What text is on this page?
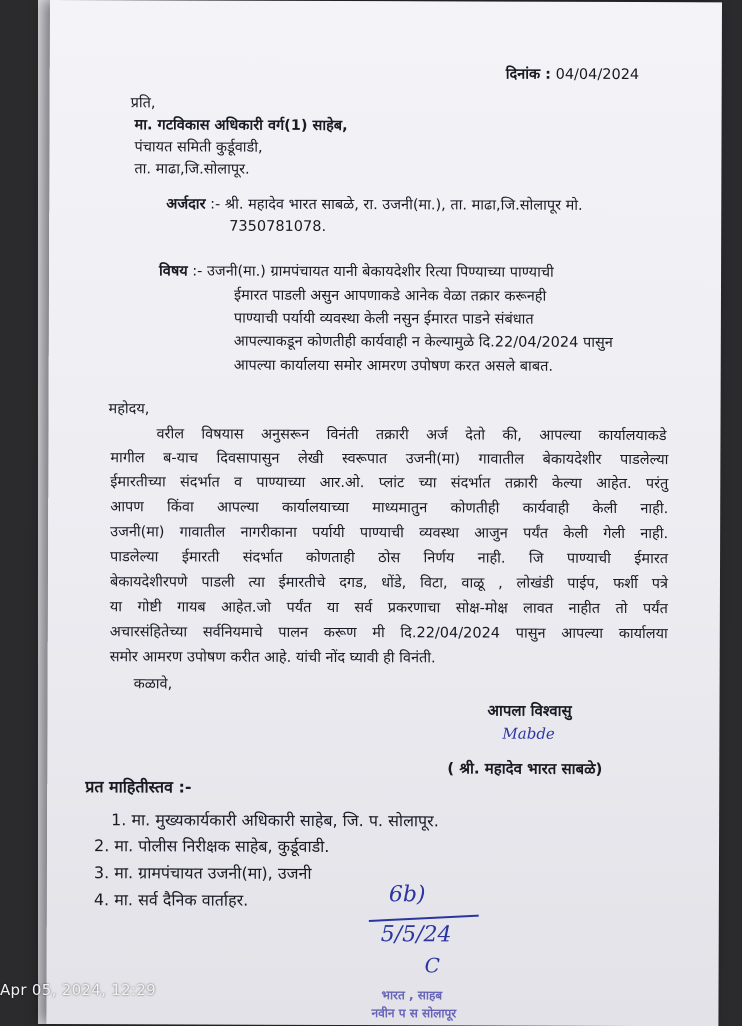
दिनांक : 04/04/2024
प्रति,
मा. गटविकास अधिकारी वर्ग(1) साहेब,
पंचायत समिती कुर्डूवाडी,
ता. माढा,जि.सोलापूर.
अर्जदार :- श्री. महादेव भारत साबळे, रा. उजनी(मा.), ता. माढा,जि.सोलापूर मो.
7350781078.
विषय :- उजनी(मा.) ग्रामपंचायत यानी बेकायदेशीर रित्या पिण्याच्या पाण्याची
ईमारत पाडली असुन आपणाकडे आनेक वेळा तक्रार करूनही
पाण्याची पर्यायी व्यवस्था केली नसुन ईमारत पाडने संबंधात
आपल्याकडून कोणतीही कार्यवाही न केल्यामुळे दि.22/04/2024 पासुन
आपल्या कार्यालया समोर आमरण उपोषण करत असले बाबत.
महोदय,
वरील विषयास अनुसरून विनंती तक्रारी अर्ज देतो की, आपल्या कार्यालयाकडे
मागील ब-याच दिवसापासुन लेखी स्वरूपात उजनी(मा) गावातील बेकायदेशीर पाडलेल्या
ईमारतीच्या संदर्भात व पाण्याच्या आर.ओ. प्लांट च्या संदर्भात तक्रारी केल्या आहेत. परंतु
आपण किंवा आपल्या कार्यालयाच्या माध्यमातुन कोणतीही कार्यवाही केली नाही.
उजनी(मा) गावातील नागरीकाना पर्यायी पाण्याची व्यवस्था आजुन पर्यंत केली गेली नाही.
पाडलेल्या ईमारती संदर्भात कोणताही ठोस निर्णय नाही. जि पाण्याची ईमारत
बेकायदेशीरपणे पाडली त्या ईमारतीचे दगड, धोंडे, विटा, वाळू , लोखंडी पाईप, फर्शी पत्रे
या गोष्टी गायब आहेत.जो पर्यंत या सर्व प्रकरणाचा सोक्ष-मोक्ष लावत नाहीत तो पर्यंत
अचारसंहितेच्या सर्वनियमाचे पालन करूण मी दि.22/04/2024 पासुन आपल्या कार्यालया
समोर आमरण उपोषण करीत आहे. यांची नोंद घ्यावी ही विनंती.
कळावे,
आपला विश्वासु
Mabde
( श्री. महादेव भारत साबळे)
प्रत माहितीस्तव :-
1. मा. मुख्यकार्यकारी अधिकारी साहेब, जि. प. सोलापूर.
2. मा. पोलीस निरीक्षक साहेब, कुर्डूवाडी.
3. मा. ग्रामपंचायत उजनी(मा), उजनी
4. मा. सर्व दैनिक वार्ताहर.	6b)
5/5/24
C
भारत , साहब
नवीन प स सोलापूर
Apr 05, 2024, 12:29
